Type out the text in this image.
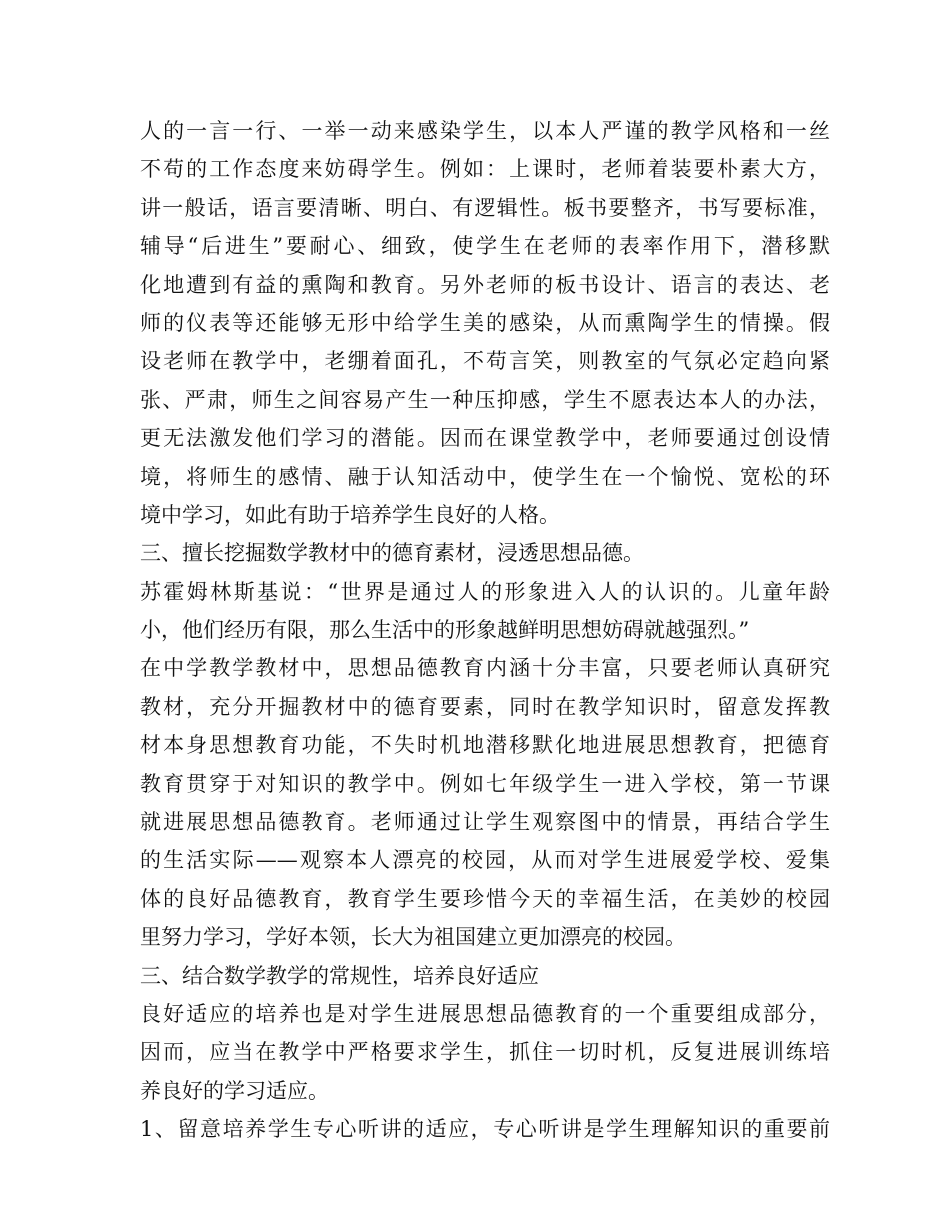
人的一言一行、一举一动来感染学生，以本人严谨的教学风格和一丝
不苟的工作态度来妨碍学生。例如：上课时，老师着装要朴素大方，
讲一般话，语言要清晰、明白、有逻辑性。板书要整齐，书写要标准，
辅导“后进生”要耐心、细致，使学生在老师的表率作用下，潜移默
化地遭到有益的熏陶和教育。另外老师的板书设计、语言的表达、老
师的仪表等还能够无形中给学生美的感染，从而熏陶学生的情操。假
设老师在教学中，老绷着面孔，不苟言笑，则教室的气氛必定趋向紧
张、严肃，师生之间容易产生一种压抑感，学生不愿表达本人的办法，
更无法激发他们学习的潜能。因而在课堂教学中，老师要通过创设情
境，将师生的感情、融于认知活动中，使学生在一个愉悦、宽松的环
境中学习，如此有助于培养学生良好的人格。
三、擅长挖掘数学教材中的德育素材，浸透思想品德。
苏霍姆林斯基说：“世界是通过人的形象进入人的认识的。儿童年龄
小，他们经历有限，那么生活中的形象越鲜明思想妨碍就越强烈。”
在中学教学教材中，思想品德教育内涵十分丰富，只要老师认真研究
教材，充分开掘教材中的德育要素，同时在教学知识时，留意发挥教
材本身思想教育功能，不失时机地潜移默化地进展思想教育，把德育
教育贯穿于对知识的教学中。例如七年级学生一进入学校，第一节课
就进展思想品德教育。老师通过让学生观察图中的情景，再结合学生
的生活实际——观察本人漂亮的校园，从而对学生进展爱学校、爱集
体的良好品德教育，教育学生要珍惜今天的幸福生活，在美妙的校园
里努力学习，学好本领，长大为祖国建立更加漂亮的校园。
三、结合数学教学的常规性，培养良好适应
良好适应的培养也是对学生进展思想品德教育的一个重要组成部分，
因而，应当在教学中严格要求学生，抓住一切时机，反复进展训练培
养良好的学习适应。
1、留意培养学生专心听讲的适应，专心听讲是学生理解知识的重要前
